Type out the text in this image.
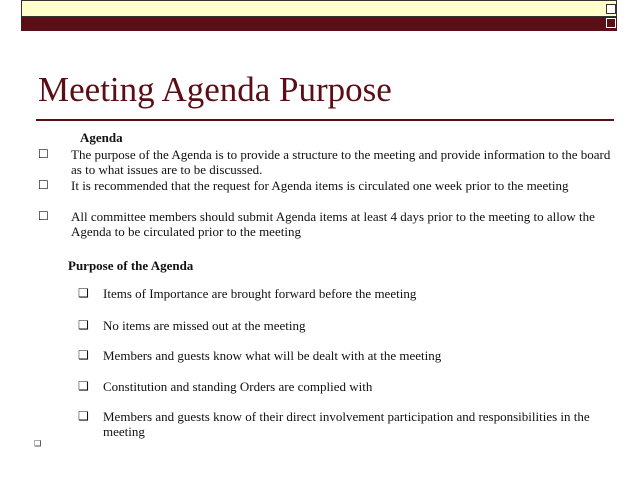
Meeting Agenda Purpose
Agenda
☐ The purpose of the Agenda is to provide a structure to the meeting and provide information to the board as to what issues are to be discussed.
☐ It is recommended that the request for Agenda items is circulated one week prior to the meeting
☐ All committee members should submit Agenda items at least 4 days prior to the meeting to allow the Agenda to be circulated prior to the meeting
Purpose of the Agenda
❑ Items of Importance are brought forward before the meeting
❑ No items are missed out at the meeting
❑ Members and guests know what will be dealt with at the meeting
❑ Constitution and standing Orders are complied with
❑ Members and guests know of their direct involvement participation and responsibilities in the meeting
❑
